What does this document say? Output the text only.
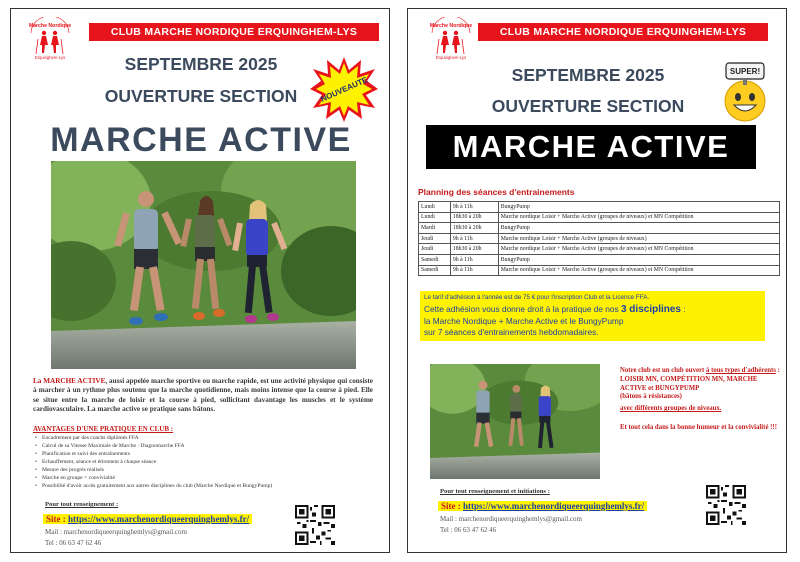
Marche Nordique
Erquinghem-Lys
CLUB MARCHE NORDIQUE ERQUINGHEM-LYS
SEPTEMBRE 2025
OUVERTURE SECTION	NOUVEAUTE
MARCHE ACTIVE
La MARCHE ACTIVE, aussi appelée marche sportive ou marche rapide, est une activité physique qui consiste à marcher à un rythme plus soutenu que la marche quotidienne, mais moins intense que la course à pied. Elle se situe entre la marche de loisir et la course à pied, sollicitant davantage les muscles et le système cardiovasculaire. La marche active se pratique sans bâtons.
AVANTAGES D'UNE PRATIQUE EN CLUB :
• Encadrement par des coachs diplômés FFA
• Calcul de sa Vitesse Maximale de Marche : Diagnomarche FFA
• Planification et suivi des entraînements
• Echauffement, séance et étirement à chaque séance
• Mesure des progrès réalisés
• Marche en groupe = convivialité
• Possibilité d'avoir accès gratuitement aux autres disciplines du club (Marche Nordique et BungyPump)
Pour tout renseignement :
Site : https://www.marchenordiqueerquinghemlys.fr/
Mail : marchenordiqueerquinghemlys@gmail.com
Tel : 06 63 47 62 46
Marche Nordique
Erquinghem-Lys
CLUB MARCHE NORDIQUE ERQUINGHEM-LYS
SEPTEMBRE 2025
OUVERTURE SECTION
SUPER!
MARCHE ACTIVE
Planning des séances d'entrainements
Lundi	9h à 11h	BungyPump
Lundi	18h30 à 20h	Marche nordique Loisir + Marche Active (groupes de niveaux) et MN Compétition
Mardi	18h30 à 20h	BungyPump
Jeudi	9h à 11h	Marche nordique Loisir + Marche Active (groupes de niveaux)
Jeudi	18h30 à 20h	Marche nordique Loisir + Marche Active (groupes de niveaux) et MN Compétition
Samedi	9h à 11h	BungyPump
Samedi	9h à 11h	Marche nordique Loisir + Marche Active (groupes de niveaux) et MN Compétition
Le tarif d'adhésion à l'année est de 75 € pour l'inscription Club et la Licence FFA.
Cette adhésion vous donne droit à la pratique de nos 3 disciplines :
la Marche Nordique + Marche Active et le BungyPump
sur 7 séances d'entrainements hebdomadaires.
Notre club est un club ouvert à tous types d'adhérents :
LOISIR MN, COMPÉTITION MN, MARCHE ACTIVE et BUNGYPUMP
(bâtons à résistances)
avec différents groupes de niveaux.
Et tout cela dans la bonne humeur et la convivialité !!!
Pour tout renseignement et initiations :
Site : https://www.marchenordiqueerquinghemlys.fr/
Mail : marchenordiqueerquinghemlys@gmail.com
Tel : 06 63 47 62 46
